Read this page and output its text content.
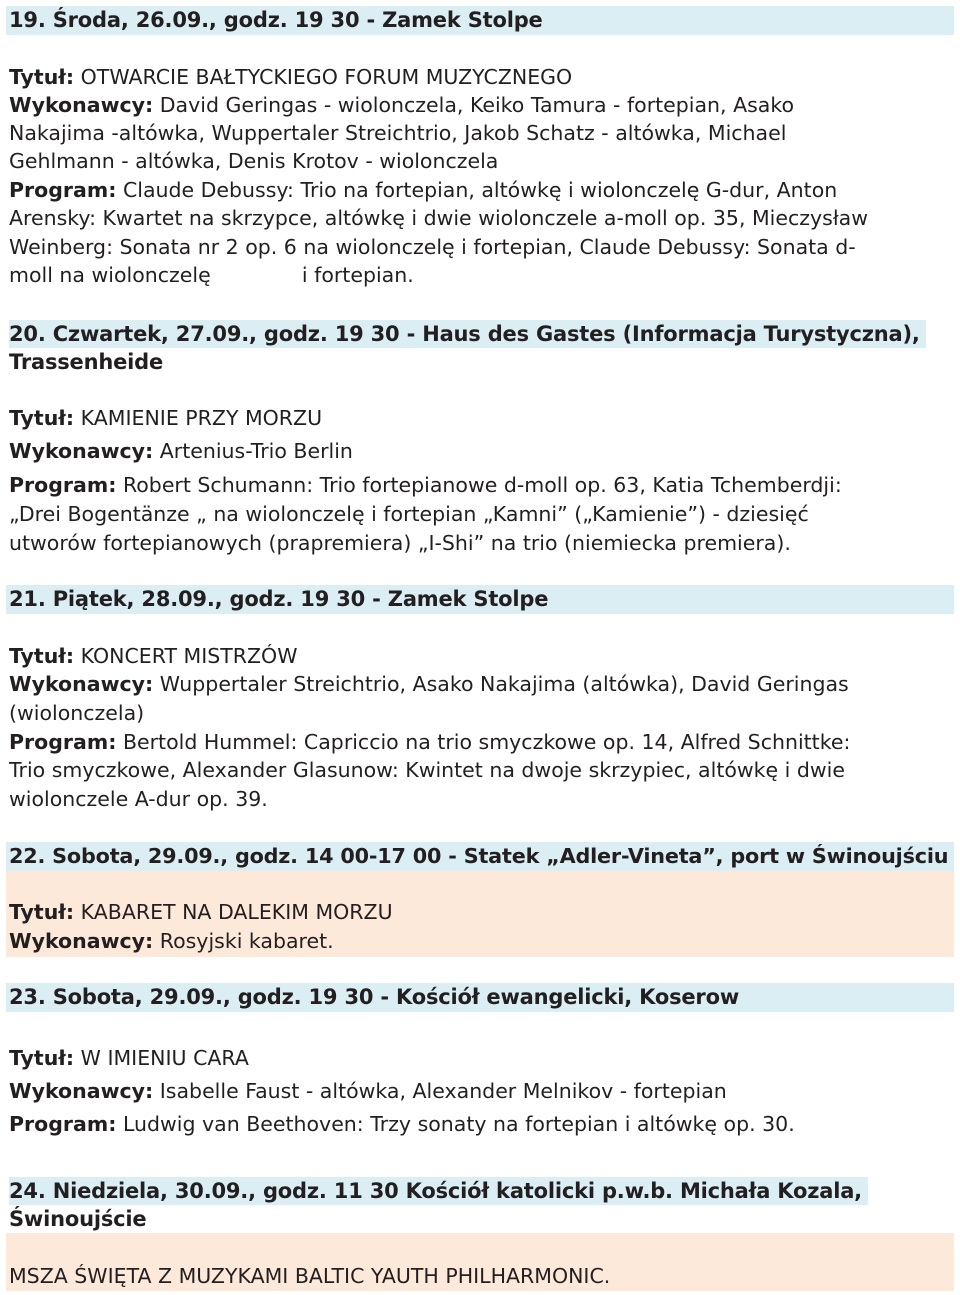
19. Środa, 26.09., godz. 19 30 - Zamek Stolpe
Tytuł: OTWARCIE BAŁTYCKIEGO FORUM MUZYCZNEGO
Wykonawcy: David Geringas - wiolonczela, Keiko Tamura - fortepian, Asako
Nakajima -altówka, Wuppertaler Streichtrio, Jakob Schatz - altówka, Michael
Gehlmann - altówka, Denis Krotov - wiolonczela
Program: Claude Debussy: Trio na fortepian, altówkę i wiolonczelę G-dur, Anton
Arensky: Kwartet na skrzypce, altówkę i dwie wiolonczele a-moll op. 35, Mieczysław
Weinberg: Sonata nr 2 op. 6 na wiolonczelę i fortepian, Claude Debussy: Sonata d-
moll na wiolonczelę              i fortepian.
20. Czwartek, 27.09., godz. 19 30 - Haus des Gastes (Informacja Turystyczna),
Trassenheide
Tytuł: KAMIENIE PRZY MORZU
Wykonawcy: Artenius-Trio Berlin
Program: Robert Schumann: Trio fortepianowe d-moll op. 63, Katia Tchemberdji:
„Drei Bogentänze „ na wiolonczelę i fortepian „Kamni” („Kamienie”) - dziesięć
utworów fortepianowych (prapremiera) „I-Shi” na trio (niemiecka premiera).
21. Piątek, 28.09., godz. 19 30 - Zamek Stolpe
Tytuł: KONCERT MISTRZÓW
Wykonawcy: Wuppertaler Streichtrio, Asako Nakajima (altówka), David Geringas
(wiolonczela)
Program: Bertold Hummel: Capriccio na trio smyczkowe op. 14, Alfred Schnittke:
Trio smyczkowe, Alexander Glasunow: Kwintet na dwoje skrzypiec, altówkę i dwie
wiolonczele A-dur op. 39.
22. Sobota, 29.09., godz. 14 00-17 00 - Statek „Adler-Vineta”, port w Świnoujściu
Tytuł: KABARET NA DALEKIM MORZU
Wykonawcy: Rosyjski kabaret.
23. Sobota, 29.09., godz. 19 30 - Kościół ewangelicki, Koserow
Tytuł: W IMIENIU CARA
Wykonawcy: Isabelle Faust - altówka, Alexander Melnikov - fortepian
Program: Ludwig van Beethoven: Trzy sonaty na fortepian i altówkę op. 30.
24. Niedziela, 30.09., godz. 11 30 Kościół katolicki p.w.b. Michała Kozala,
Świnoujście
MSZA ŚWIĘTA Z MUZYKAMI BALTIC YAUTH PHILHARMONIC.
